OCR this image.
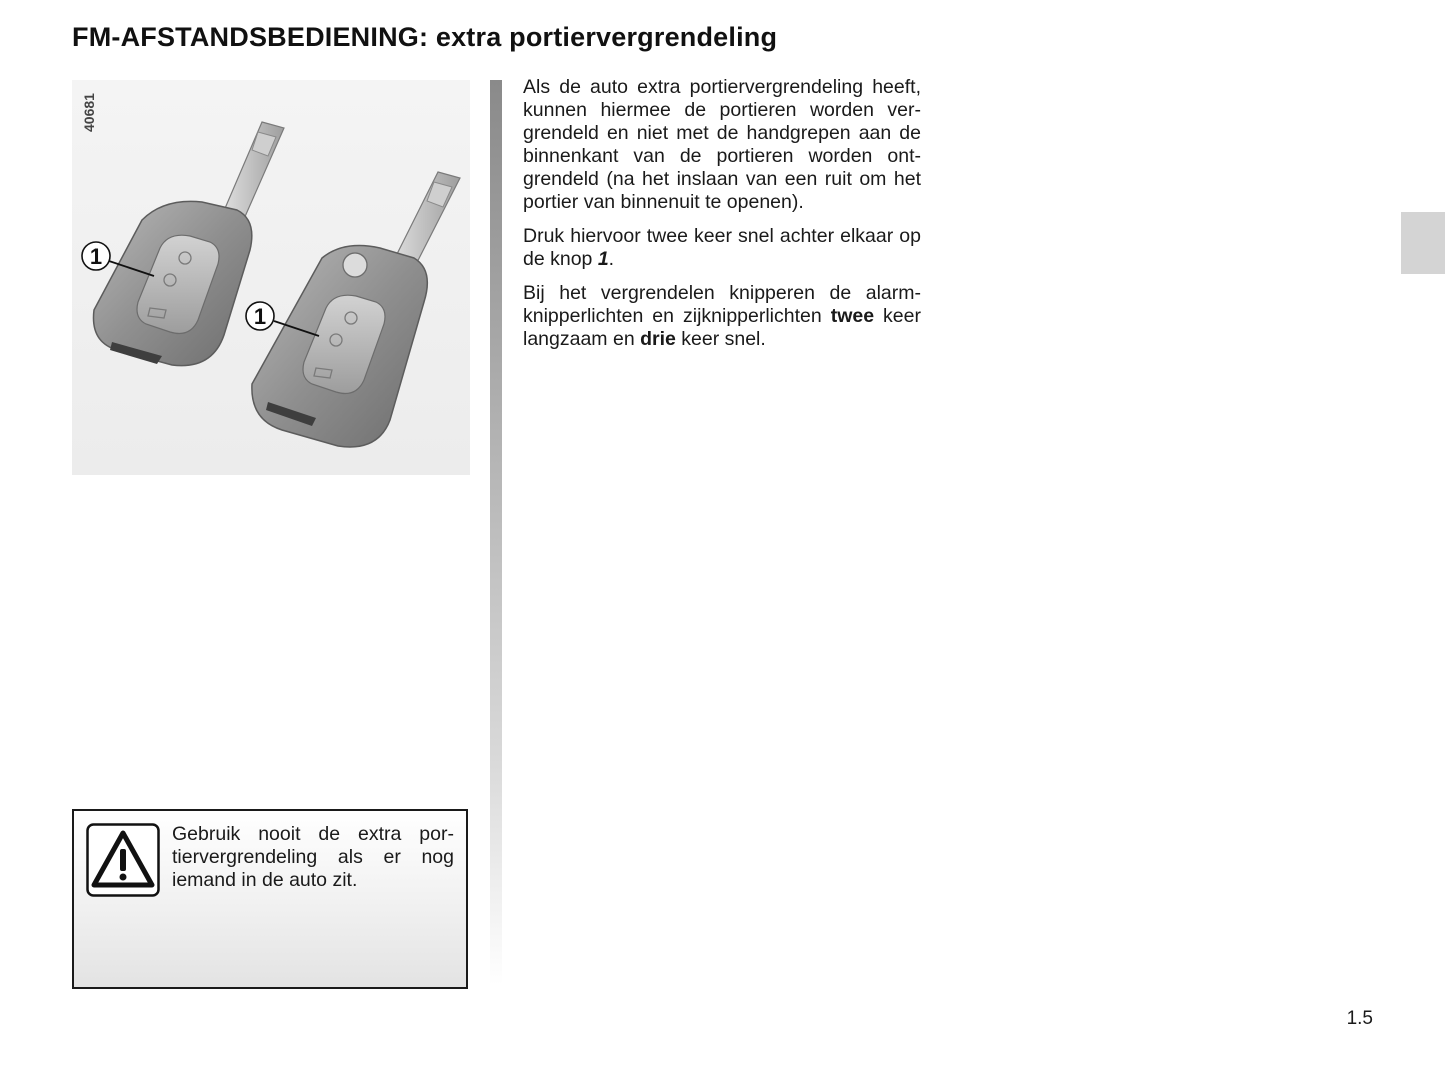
FM-AFSTANDSBEDIENING: extra portiervergrendeling
1
1
40681

Als de auto extra portiervergrendeling heeft, kunnen hiermee de portieren worden vergrendeld en niet met de handgrepen aan de binnenkant van de portieren worden ontgrendeld (na het inslaan van een ruit om het portier van binnenuit te openen).

Druk hiervoor twee keer snel achter elkaar op de knop 1.

Bij het vergrendelen knipperen de alarmknipperlichten en zijknipperlichten twee keer langzaam en drie keer snel.

Gebruik nooit de extra portiervergrendeling als er nog iemand in de auto zit.
1.5
